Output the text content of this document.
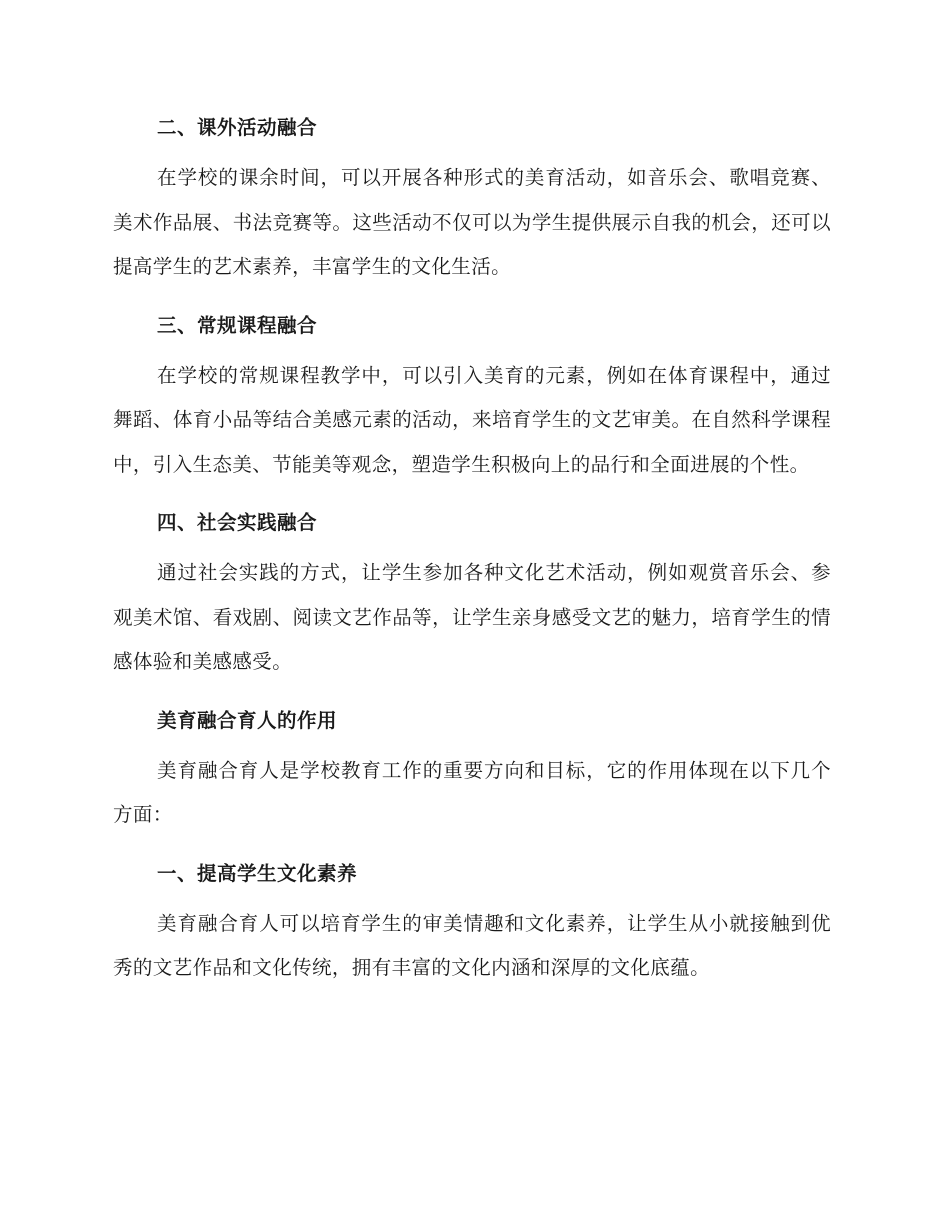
二、课外活动融合

在学校的课余时间，可以开展各种形式的美育活动，如音乐会、歌唱竞赛、美术作品展、书法竞赛等。这些活动不仅可以为学生提供展示自我的机会，还可以提高学生的艺术素养，丰富学生的文化生活。

三、常规课程融合

在学校的常规课程教学中，可以引入美育的元素，例如在体育课程中，通过舞蹈、体育小品等结合美感元素的活动，来培育学生的文艺审美。在自然科学课程中，引入生态美、节能美等观念，塑造学生积极向上的品行和全面进展的个性。

四、社会实践融合

通过社会实践的方式，让学生参加各种文化艺术活动，例如观赏音乐会、参观美术馆、看戏剧、阅读文艺作品等，让学生亲身感受文艺的魅力，培育学生的情感体验和美感感受。

美育融合育人的作用

美育融合育人是学校教育工作的重要方向和目标，它的作用体现在以下几个方面：

一、提高学生文化素养

美育融合育人可以培育学生的审美情趣和文化素养，让学生从小就接触到优秀的文艺作品和文化传统，拥有丰富的文化内涵和深厚的文化底蕴。
